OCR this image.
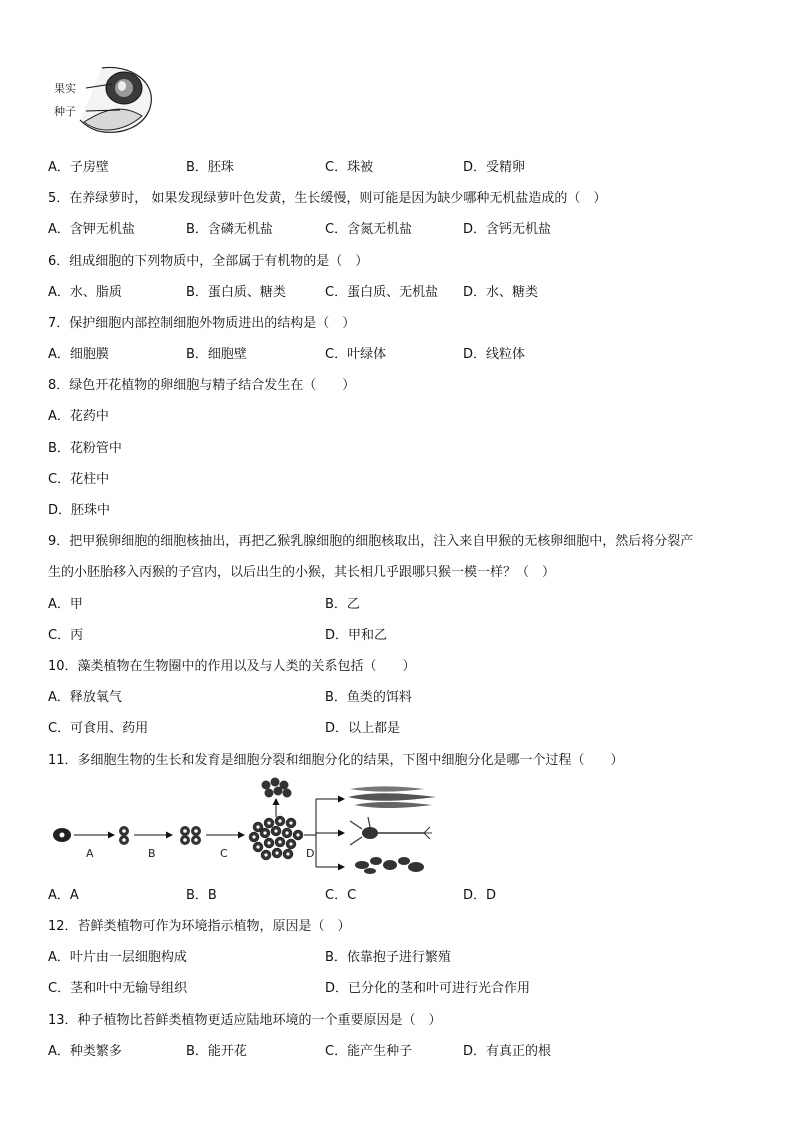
果实
种子
A．子房壁	B．胚珠	C．珠被	D．受精卵
5．在养绿萝时， 如果发现绿萝叶色发黄，生长缓慢，则可能是因为缺少哪种无机盐造成的（　）
A．含钾无机盐	B．含磷无机盐	C．含氮无机盐	D．含钙无机盐
6．组成细胞的下列物质中，全部属于有机物的是（　）
A．水、脂质	B．蛋白质、糖类	C．蛋白质、无机盐 D．水、糖类
7．保护细胞内部控制细胞外物质进出的结构是（　）
A．细胞膜	B．细胞壁	C．叶绿体	D．线粒体
8．绿色开花植物的卵细胞与精子结合发生在（　　）
A．花药中
B．花粉管中
C．花柱中
D．胚珠中
9．把甲猴卵细胞的细胞核抽出，再把乙猴乳腺细胞的细胞核取出，注入来自甲猴的无核卵细胞中，然后将分裂产
生的小胚胎移入丙猴的子宫内，以后出生的小猴，其长相几乎跟哪只猴一模一样？（　）
A．甲	B．乙
C．丙	D．甲和乙
10．藻类植物在生物圈中的作用以及与人类的关系包括（　　）
A．释放氧气	B．鱼类的饵料
C．可食用、药用	D．以上都是
11．多细胞生物的生长和发育是细胞分裂和细胞分化的结果，下图中细胞分化是哪一个过程（　　）
A	B	C	D
A．A	B．B	C．C	D．D
12．苔鲜类植物可作为环境指示植物，原因是（　）
A．叶片由一层细胞构成	B．依靠抱子进行繁殖
C．茎和叶中无输导组织	D．已分化的茎和叶可进行光合作用
13．种子植物比苔鲜类植物更适应陆地环境的一个重要原因是（　）
A．种类繁多	B．能开花	C．能产生种子	D．有真正的根
